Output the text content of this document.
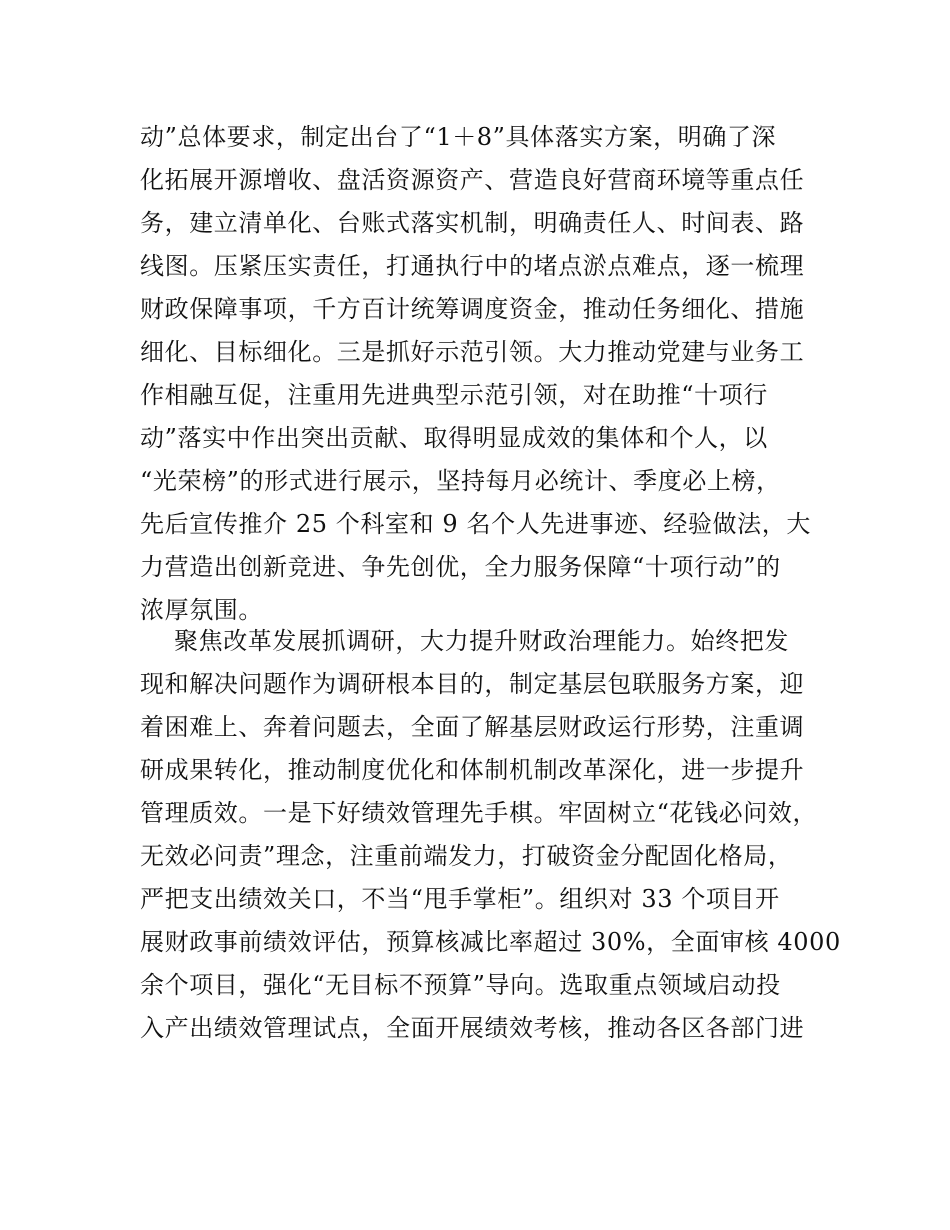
动”总体要求，制定出台了“1＋8”具体落实方案，明确了深
化拓展开源增收、盘活资源资产、营造良好营商环境等重点任
务，建立清单化、台账式落实机制，明确责任人、时间表、路
线图。压紧压实责任，打通执行中的堵点淤点难点，逐一梳理
财政保障事项，千方百计统筹调度资金，推动任务细化、措施
细化、目标细化。三是抓好示范引领。大力推动党建与业务工
作相融互促，注重用先进典型示范引领，对在助推“十项行
动”落实中作出突出贡献、取得明显成效的集体和个人，以
“光荣榜”的形式进行展示，坚持每月必统计、季度必上榜，
先后宣传推介 25 个科室和 9 名个人先进事迹、经验做法，大
力营造出创新竞进、争先创优，全力服务保障“十项行动”的
浓厚氛围。
聚焦改革发展抓调研，大力提升财政治理能力。始终把发
现和解决问题作为调研根本目的，制定基层包联服务方案，迎
着困难上、奔着问题去，全面了解基层财政运行形势，注重调
研成果转化，推动制度优化和体制机制改革深化，进一步提升
管理质效。一是下好绩效管理先手棋。牢固树立“花钱必问效，
无效必问责”理念，注重前端发力，打破资金分配固化格局，
严把支出绩效关口，不当“甩手掌柜”。组织对 33 个项目开
展财政事前绩效评估，预算核减比率超过 30%，全面审核 4000
余个项目，强化“无目标不预算”导向。选取重点领域启动投
入产出绩效管理试点，全面开展绩效考核，推动各区各部门进
